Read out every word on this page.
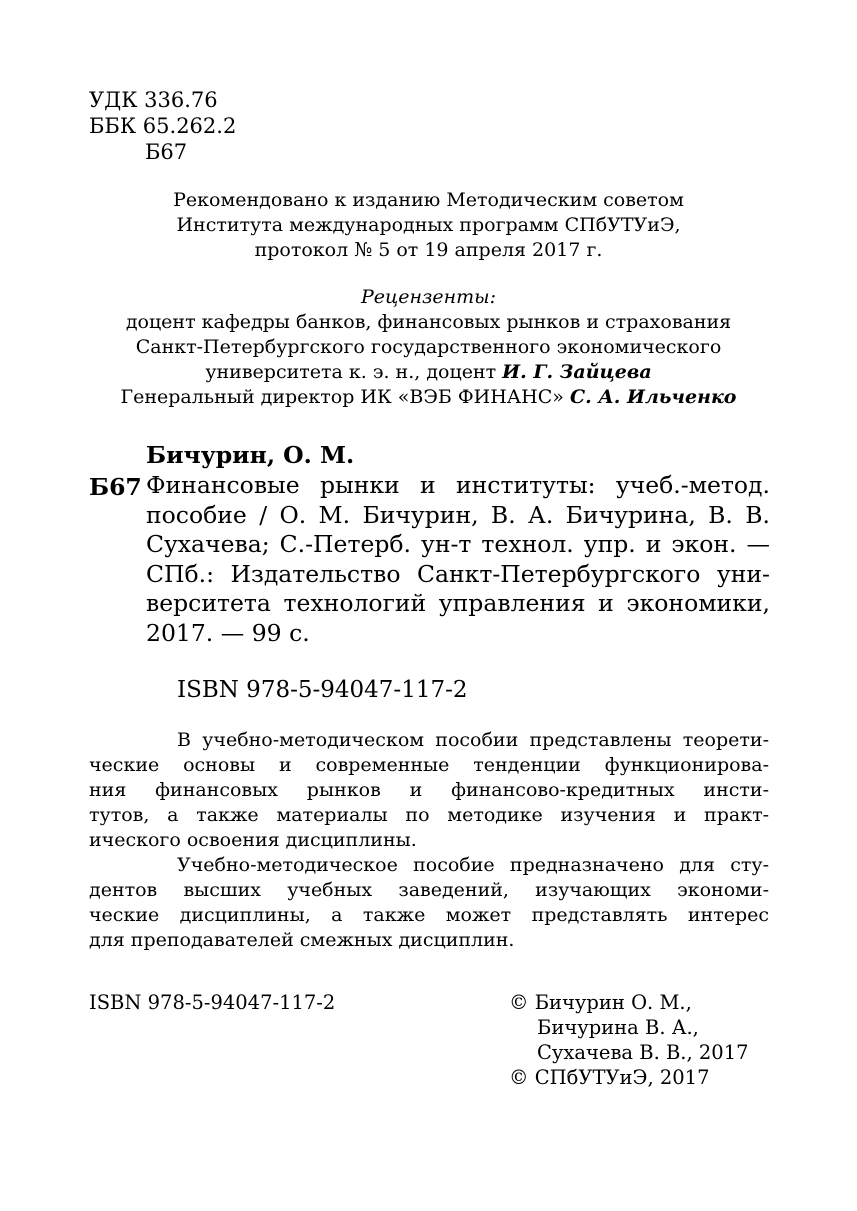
УДК 336.76
ББК 65.262.2
Б67
Рекомендовано к изданию Методическим советом
Института международных программ СПбУТУиЭ,
протокол № 5 от 19 апреля 2017 г.
Рецензенты:
доцент кафедры банков, финансовых рынков и страхования
Санкт-Петербургского государственного экономического
университета к. э. н., доцент И. Г. Зайцева
Генеральный директор ИК «ВЭБ ФИНАНС» С. А. Ильченко
Бичурин, О. М.
Б67 Финансовые рынки и институты: учеб.-метод.
пособие / О. М. Бичурин, В. А. Бичурина, В. В.
Сухачева; С.-Петерб. ун-т технол. упр. и экон. —
СПб.: Издательство Санкт-Петербургского уни-
верситета технологий управления и экономики,
2017. — 99 с.
ISBN 978-5-94047-117-2
В учебно-методическом пособии представлены теорети-
ческие основы и современные тенденции функционирова-
ния финансовых рынков и финансово-кредитных инсти-
тутов, а также материалы по методике изучения и практ-
ического освоения дисциплины.
Учебно-методическое пособие предназначено для сту-
дентов высших учебных заведений, изучающих экономи-
ческие дисциплины, а также может представлять интерес
для преподавателей смежных дисциплин.
ISBN 978-5-94047-117-2	© Бичурин О. М.,
Бичурина В. А.,
Сухачева В. В., 2017
© СПбУТУиЭ, 2017
